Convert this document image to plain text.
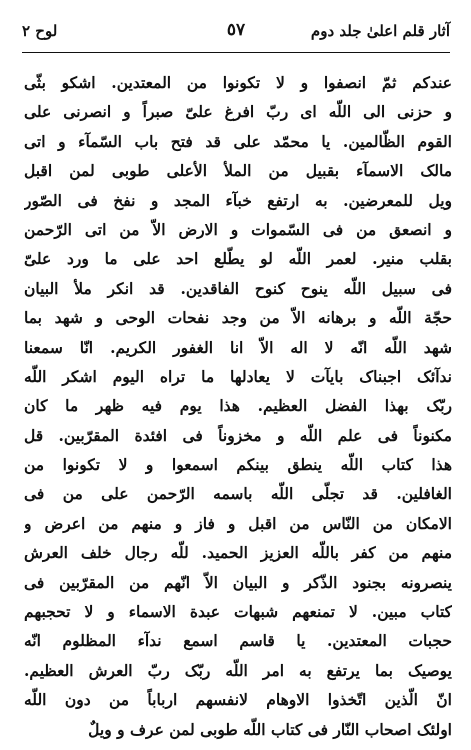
آثار قلم اعلیٰ جلد دوم
٥٧
لوح ٢
عندکم ثمّ انصفوا و لا تکونوا من المعتدین. اشکو بثّی
و حزنی الی اللّه ای ربّ افرغ علیّ صبراً و انصرنی علی
القوم الظّالمین. یا محمّد علی قد فتح باب السّمآء و اتی
مالک الاسمآء بقبیل من الملأ الأعلی طوبی لمن اقبل
ویل للمعرضین. به ارتفع خبآء المجد و نفخ فی الصّور
و انصعق من فی السّموات و الارض الاّ من اتی الرّحمن
بقلب منیر. لعمر اللّه لو یطّلع احد علی ما ورد علیّ
فی سبیل اللّه ینوح کنوح الفاقدین. قد انکر ملأ البیان
حجّة اللّه و برهانه الاّ من وجد نفحات الوحی و شهد بما
شهد اللّه انّه لا اله الاّ انا الغفور الکریم. انّا سمعنا
ندآئک اجبناک بایآت لا یعادلها ما تراه الیوم اشکر اللّه
ربّک بهذا الفضل العظیم. هذا یوم فیه ظهر ما کان
مکنوناً فی علم اللّه و مخزوناً فی افئدة المقرّبین. قل
هذا کتاب اللّه ینطق بینکم اسمعوا و لا تکونوا من
الغافلین. قد تجلّی اللّه باسمه الرّحمن علی من فی
الامکان من النّاس من اقبل و فاز و منهم من اعرض و
منهم من کفر باللّه العزیز الحمید. للّه رجال خلف العرش
ینصرونه بجنود الذّکر و البیان الاّ انّهم من المقرّبین فی
کتاب مبین. لا تمنعهم شبهات عبدة الاسماء و لا تحجبهم
حجبات المعتدین. یا قاسم اسمع ندآء المظلوم انّه
یوصیک بما یرتفع به امر اللّه ربّک ربّ العرش العظیم.
انّ الّذین اتّخذوا الاوهام لانفسهم ارباباً من دون اللّه
اولئک اصحاب النّار فی کتاب اللّه طوبی لمن عرف و ویلٌ
